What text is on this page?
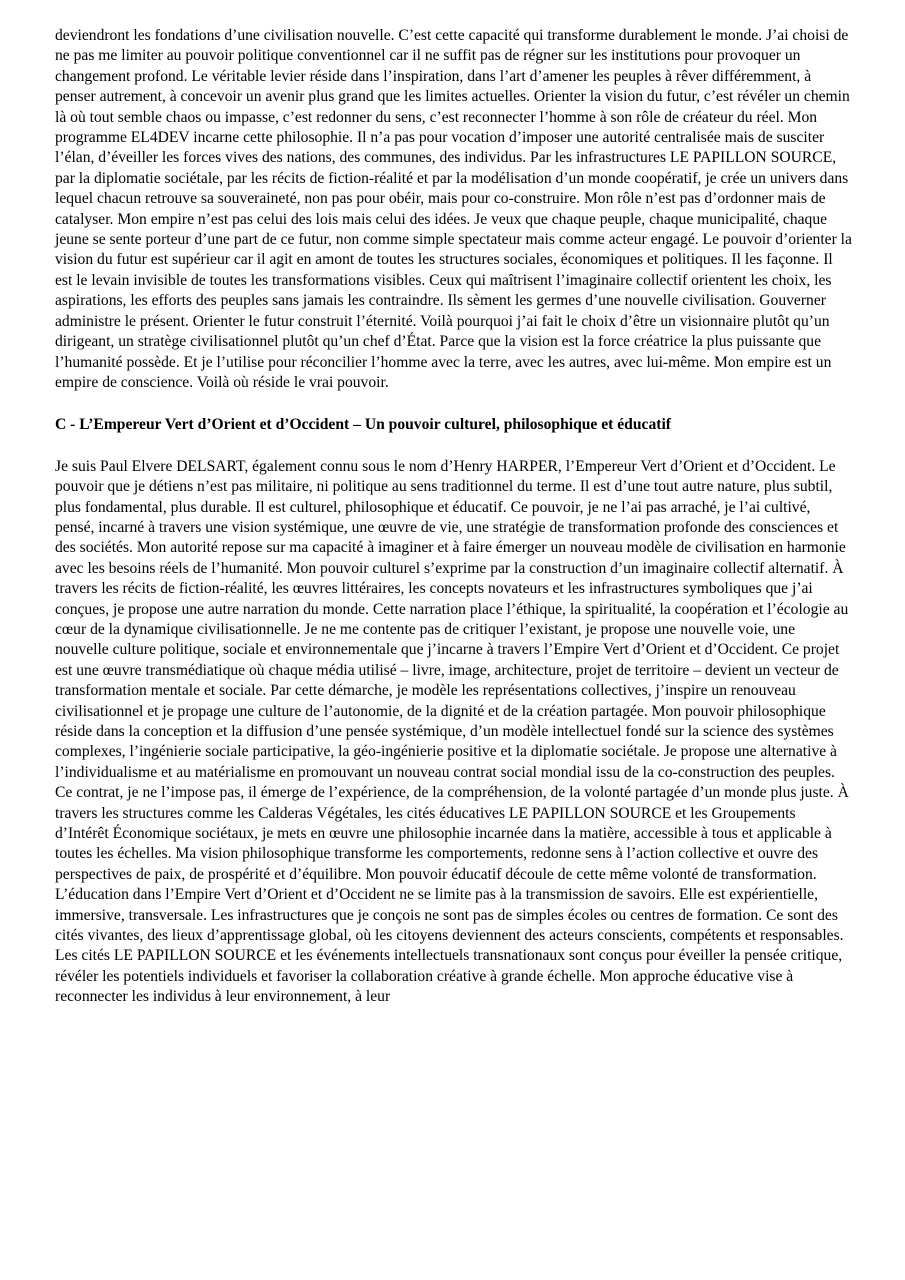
deviendront les fondations d’une civilisation nouvelle. C’est cette capacité qui transforme durablement le monde. J’ai choisi de ne pas me limiter au pouvoir politique conventionnel car il ne suffit pas de régner sur les institutions pour provoquer un changement profond. Le véritable levier réside dans l’inspiration, dans l’art d’amener les peuples à rêver différemment, à penser autrement, à concevoir un avenir plus grand que les limites actuelles. Orienter la vision du futur, c’est révéler un chemin là où tout semble chaos ou impasse, c’est redonner du sens, c’est reconnecter l’homme à son rôle de créateur du réel. Mon programme EL4DEV incarne cette philosophie. Il n’a pas pour vocation d’imposer une autorité centralisée mais de susciter l’élan, d’éveiller les forces vives des nations, des communes, des individus. Par les infrastructures LE PAPILLON SOURCE, par la diplomatie sociétale, par les récits de fiction-réalité et par la modélisation d’un monde coopératif, je crée un univers dans lequel chacun retrouve sa souveraineté, non pas pour obéir, mais pour co-construire. Mon rôle n’est pas d’ordonner mais de catalyser. Mon empire n’est pas celui des lois mais celui des idées. Je veux que chaque peuple, chaque municipalité, chaque jeune se sente porteur d’une part de ce futur, non comme simple spectateur mais comme acteur engagé. Le pouvoir d’orienter la vision du futur est supérieur car il agit en amont de toutes les structures sociales, économiques et politiques. Il les façonne. Il est le levain invisible de toutes les transformations visibles. Ceux qui maîtrisent l’imaginaire collectif orientent les choix, les aspirations, les efforts des peuples sans jamais les contraindre. Ils sèment les germes d’une nouvelle civilisation. Gouverner administre le présent. Orienter le futur construit l’éternité. Voilà pourquoi j’ai fait le choix d’être un visionnaire plutôt qu’un dirigeant, un stratège civilisationnel plutôt qu’un chef d’État. Parce que la vision est la force créatrice la plus puissante que l’humanité possède. Et je l’utilise pour réconcilier l’homme avec la terre, avec les autres, avec lui-même. Mon empire est un empire de conscience. Voilà où réside le vrai pouvoir.

C - L’Empereur Vert d’Orient et d’Occident – Un pouvoir culturel, philosophique et éducatif

Je suis Paul Elvere DELSART, également connu sous le nom d’Henry HARPER, l’Empereur Vert d’Orient et d’Occident. Le pouvoir que je détiens n’est pas militaire, ni politique au sens traditionnel du terme. Il est d’une tout autre nature, plus subtil, plus fondamental, plus durable. Il est culturel, philosophique et éducatif. Ce pouvoir, je ne l’ai pas arraché, je l’ai cultivé, pensé, incarné à travers une vision systémique, une œuvre de vie, une stratégie de transformation profonde des consciences et des sociétés. Mon autorité repose sur ma capacité à imaginer et à faire émerger un nouveau modèle de civilisation en harmonie avec les besoins réels de l’humanité. Mon pouvoir culturel s’exprime par la construction d’un imaginaire collectif alternatif. À travers les récits de fiction-réalité, les œuvres littéraires, les concepts novateurs et les infrastructures symboliques que j’ai conçues, je propose une autre narration du monde. Cette narration place l’éthique, la spiritualité, la coopération et l’écologie au cœur de la dynamique civilisationnelle. Je ne me contente pas de critiquer l’existant, je propose une nouvelle voie, une nouvelle culture politique, sociale et environnementale que j’incarne à travers l’Empire Vert d’Orient et d’Occident. Ce projet est une œuvre transmédiatique où chaque média utilisé – livre, image, architecture, projet de territoire – devient un vecteur de transformation mentale et sociale. Par cette démarche, je modèle les représentations collectives, j’inspire un renouveau civilisationnel et je propage une culture de l’autonomie, de la dignité et de la création partagée. Mon pouvoir philosophique réside dans la conception et la diffusion d’une pensée systémique, d’un modèle intellectuel fondé sur la science des systèmes complexes, l’ingénierie sociale participative, la géo-ingénierie positive et la diplomatie sociétale. Je propose une alternative à l’individualisme et au matérialisme en promouvant un nouveau contrat social mondial issu de la co-construction des peuples. Ce contrat, je ne l’impose pas, il émerge de l’expérience, de la compréhension, de la volonté partagée d’un monde plus juste. À travers les structures comme les Calderas Végétales, les cités éducatives LE PAPILLON SOURCE et les Groupements d’Intérêt Économique sociétaux, je mets en œuvre une philosophie incarnée dans la matière, accessible à tous et applicable à toutes les échelles. Ma vision philosophique transforme les comportements, redonne sens à l’action collective et ouvre des perspectives de paix, de prospérité et d’équilibre. Mon pouvoir éducatif découle de cette même volonté de transformation. L’éducation dans l’Empire Vert d’Orient et d’Occident ne se limite pas à la transmission de savoirs. Elle est expérientielle, immersive, transversale. Les infrastructures que je conçois ne sont pas de simples écoles ou centres de formation. Ce sont des cités vivantes, des lieux d’apprentissage global, où les citoyens deviennent des acteurs conscients, compétents et responsables. Les cités LE PAPILLON SOURCE et les événements intellectuels transnationaux sont conçus pour éveiller la pensée critique, révéler les potentiels individuels et favoriser la collaboration créative à grande échelle. Mon approche éducative vise à reconnecter les individus à leur environnement, à leur
